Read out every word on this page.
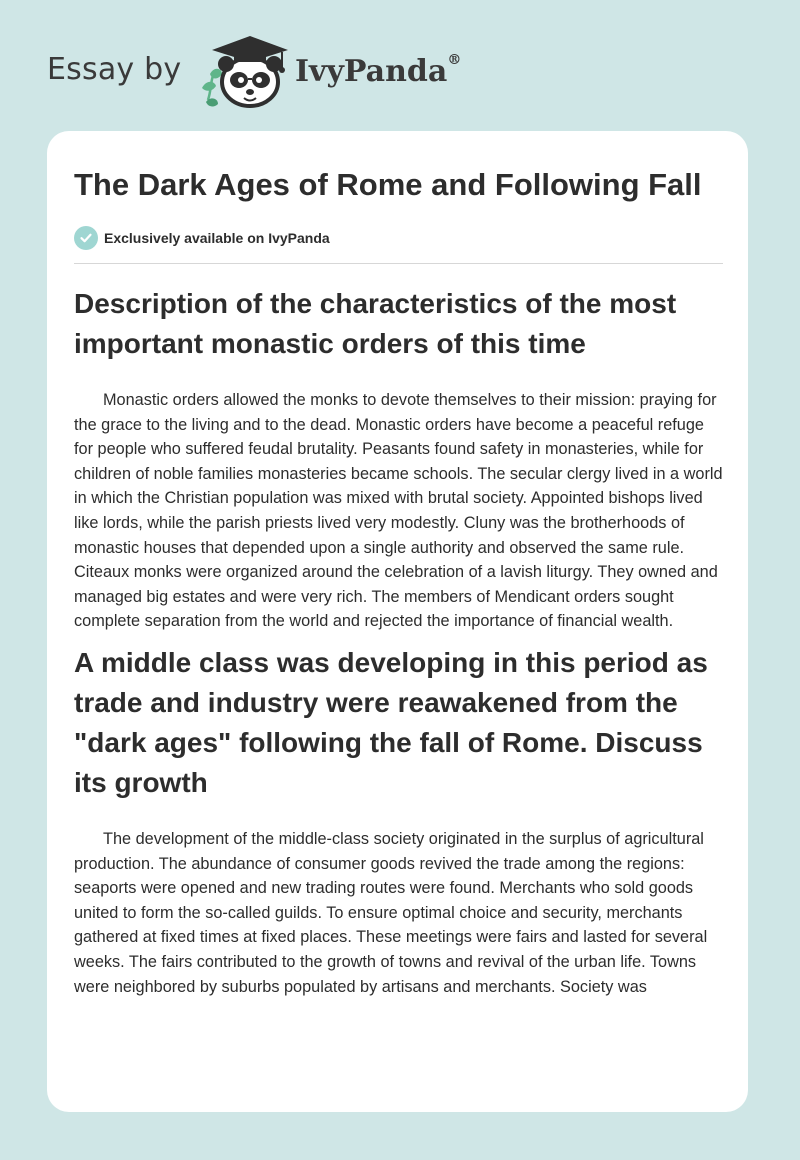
Essay by	IvyPanda®
The Dark Ages of Rome and Following Fall
Exclusively available on IvyPanda
Description of the characteristics of the most important monastic orders of this time

Monastic orders allowed the monks to devote themselves to their mission: praying for the grace to the living and to the dead. Monastic orders have become a peaceful refuge for people who suffered feudal brutality. Peasants found safety in monasteries, while for children of noble families monasteries became schools. The secular clergy lived in a world in which the Christian population was mixed with brutal society. Appointed bishops lived like lords, while the parish priests lived very modestly. Cluny was the brotherhoods of monastic houses that depended upon a single authority and observed the same rule. Citeaux monks were organized around the celebration of a lavish liturgy. They owned and managed big estates and were very rich. The members of Mendicant orders sought complete separation from the world and rejected the importance of financial wealth.

A middle class was developing in this period as trade and industry were reawakened from the "dark ages" following the fall of Rome. Discuss its growth

The development of the middle-class society originated in the surplus of agricultural production. The abundance of consumer goods revived the trade among the regions: seaports were opened and new trading routes were found. Merchants who sold goods united to form the so-called guilds. To ensure optimal choice and security, merchants gathered at fixed times at fixed places. These meetings were fairs and lasted for several weeks. The fairs contributed to the growth of towns and revival of the urban life. Towns were neighbored by suburbs populated by artisans and merchants. Society was
